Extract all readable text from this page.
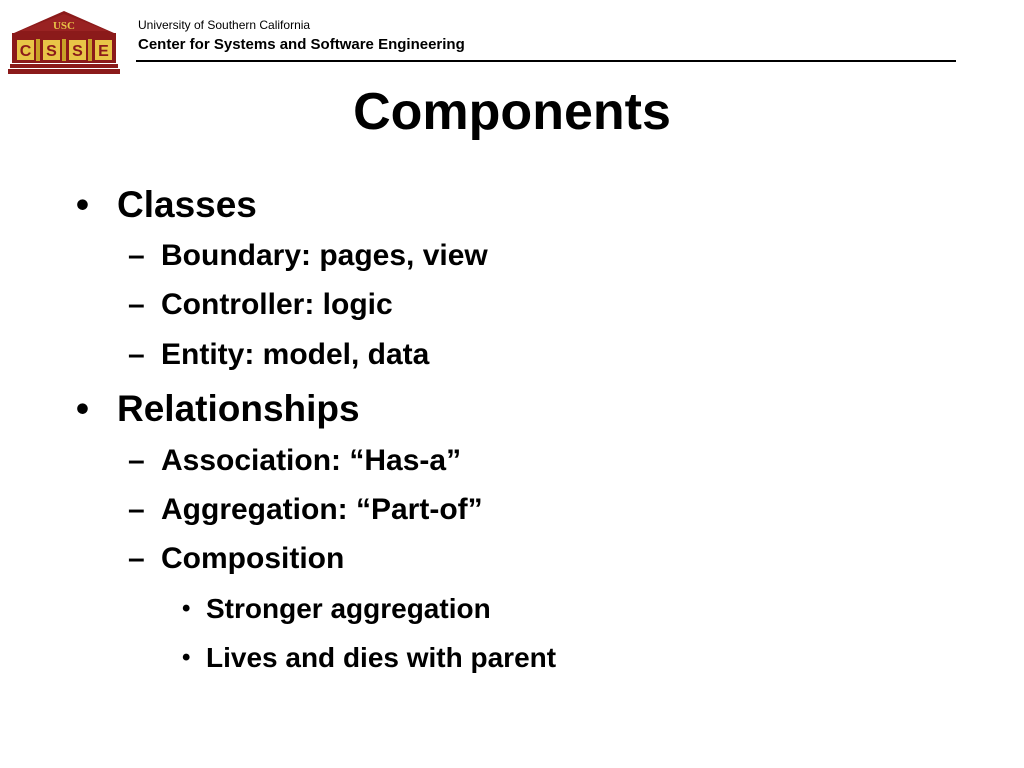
USC
C S S E
University of Southern California
Center for Systems and Software Engineering
Components
• Classes
– Boundary: pages, view
– Controller: logic
– Entity: model, data
• Relationships
– Association: “Has-a”
– Aggregation: “Part-of”
– Composition
• Stronger aggregation
• Lives and dies with parent
